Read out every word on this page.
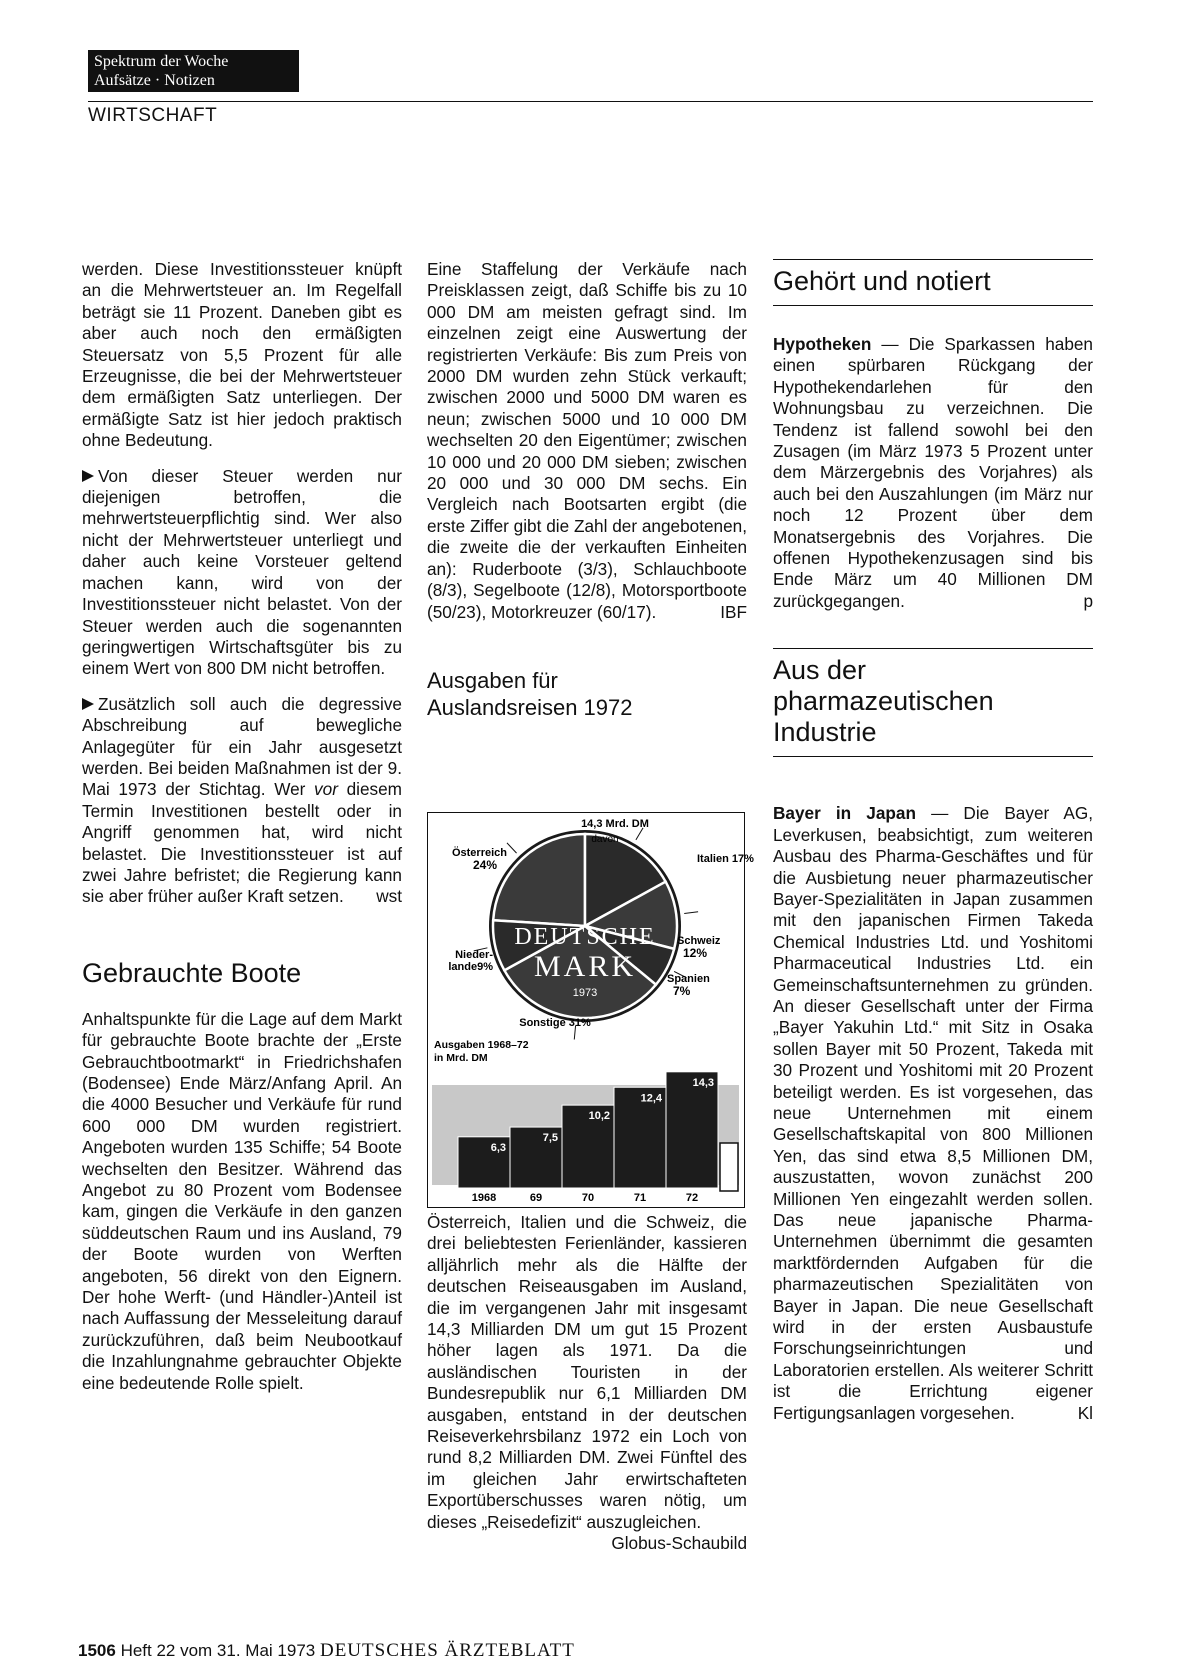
Spektrum der Woche
Aufsätze · Notizen
WIRTSCHAFT

werden. Diese Investitionssteuer knüpft an die Mehrwertsteuer an. Im Regelfall beträgt sie 11 Prozent. Daneben gibt es aber auch noch den ermäßigten Steuersatz von 5,5 Prozent für alle Erzeugnisse, die bei der Mehrwertsteuer dem ermäßigten Satz unterliegen. Der ermäßigte Satz ist hier jedoch praktisch ohne Bedeutung.

Von dieser Steuer werden nur diejenigen betroffen, die mehrwertsteuerpflichtig sind. Wer also nicht der Mehrwertsteuer unterliegt und daher auch keine Vorsteuer geltend machen kann, wird von der Investitionssteuer nicht belastet. Von der Steuer werden auch die sogenannten geringwertigen Wirtschaftsgüter bis zu einem Wert von 800 DM nicht betroffen.

Zusätzlich soll auch die degressive Abschreibung auf bewegliche Anlagegüter für ein Jahr ausgesetzt werden. Bei beiden Maßnahmen ist der 9. Mai 1973 der Stichtag. Wer vor diesem Termin Investitionen bestellt oder in Angriff genommen hat, wird nicht belastet. Die Investitionssteuer ist auf zwei Jahre befristet; die Regierung kann sie aber früher außer Kraft setzen. wst

Gebrauchte Boote

Anhaltspunkte für die Lage auf dem Markt für gebrauchte Boote brachte der „Erste Gebrauchtbootmarkt“ in Friedrichshafen (Bodensee) Ende März/Anfang April. An die 4000 Besucher und Verkäufe für rund 600 000 DM wurden registriert. Angeboten wurden 135 Schiffe; 54 Boote wechselten den Besitzer. Während das Angebot zu 80 Prozent vom Bodensee kam, gingen die Verkäufe in den ganzen süddeutschen Raum und ins Ausland, 79 der Boote wurden von Werften angeboten, 56 direkt von den Eignern. Der hohe Werft- (und Händler-)Anteil ist nach Auffassung der Messeleitung darauf zurückzuführen, daß beim Neubootkauf die Inzahlungnahme gebrauchter Objekte eine bedeutende Rolle spielt.

Eine Staffelung der Verkäufe nach Preisklassen zeigt, daß Schiffe bis zu 10 000 DM am meisten gefragt sind. Im einzelnen zeigt eine Auswertung der registrierten Verkäufe: Bis zum Preis von 2000 DM wurden zehn Stück verkauft; zwischen 2000 und 5000 DM waren es neun; zwischen 5000 und 10 000 DM wechselten 20 den Eigentümer; zwischen 10 000 und 20 000 DM sieben; zwischen 20 000 und 30 000 DM sechs. Ein Vergleich nach Bootsarten ergibt (die erste Ziffer gibt die Zahl der angebotenen, die zweite die der verkauften Einheiten an): Ruderboote (3/3), Schlauchboote (8/3), Segelboote (12/8), Motorsportboote (50/23), Motorkreuzer (60/17).	IBF

Ausgaben für
Auslandsreisen 1972
Österreich
24%	Italien 17%
Schweiz
12%
Spanien
7%
Sonstige 31%
Nieder-
lande9%
14,3 Mrd. DM
davon
DEUTSCHE
MARK
1973
Ausgaben 1968–72
in Mrd. DM
6,3
1968
7,5
69
10,2
70
12,4
71
14,3
72

Österreich, Italien und die Schweiz, die drei beliebtesten Ferienländer, kassieren alljährlich mehr als die Hälfte der deutschen Reiseausgaben im Ausland, die im vergangenen Jahr mit insgesamt 14,3 Milliarden DM um gut 15 Prozent höher lagen als 1971. Da die ausländischen Touristen in der Bundesrepublik nur 6,1 Milliarden DM ausgaben, entstand in der deutschen Reiseverkehrsbilanz 1972 ein Loch von rund 8,2 Milliarden DM. Zwei Fünftel des im gleichen Jahr erwirtschafteten Exportüberschusses waren nötig, um dieses „Reisedefizit“ auszugleichen.
Globus-Schaubild

Gehört und notiert

Hypotheken — Die Sparkassen haben einen spürbaren Rückgang der Hypothekendarlehen für den Wohnungsbau zu verzeichnen. Die Tendenz ist fallend sowohl bei den Zusagen (im März 1973 5 Prozent unter dem Märzergebnis des Vorjahres) als auch bei den Auszahlungen (im März nur noch 12 Prozent über dem Monatsergebnis des Vorjahres. Die offenen Hypothekenzusagen sind bis Ende März um 40 Millionen DM zurückgegangen.	p

Aus der pharmazeutischen Industrie

Bayer in Japan — Die Bayer AG, Leverkusen, beabsichtigt, zum weiteren Ausbau des Pharma-Geschäftes und für die Ausbietung neuer pharmazeutischer Bayer-Spezialitäten in Japan zusammen mit den japanischen Firmen Takeda Chemical Industries Ltd. und Yoshitomi Pharmaceutical Industries Ltd. ein Gemeinschaftsunternehmen zu gründen. An dieser Gesellschaft unter der Firma „Bayer Yakuhin Ltd.“ mit Sitz in Osaka sollen Bayer mit 50 Prozent, Takeda mit 30 Prozent und Yoshitomi mit 20 Prozent beteiligt werden. Es ist vorgesehen, das neue Unternehmen mit einem Gesellschaftskapital von 800 Millionen Yen, das sind etwa 8,5 Millionen DM, auszustatten, wovon zunächst 200 Millionen Yen eingezahlt werden sollen. Das neue japanische Pharma-Unternehmen übernimmt die gesamten marktfördernden Aufgaben für die pharmazeutischen Spezialitäten von Bayer in Japan. Die neue Gesellschaft wird in der ersten Ausbaustufe Forschungseinrichtungen und Laboratorien erstellen. Als weiterer Schritt ist die Errichtung eigener Fertigungsanlagen vorgesehen.	Kl

1506 Heft 22 vom 31. Mai 1973 DEUTSCHES ÄRZTEBLATT
